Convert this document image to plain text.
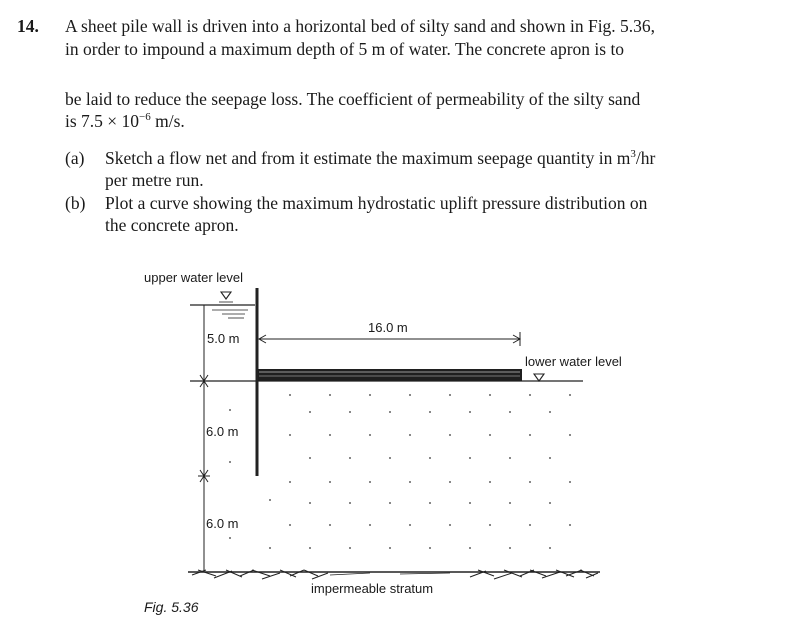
14. A sheet pile wall is driven into a horizontal bed of silty sand and shown in Fig. 5.36,
in order to impound a maximum depth of 5 m of water. The concrete apron is to
be laid to reduce the seepage loss. The coefficient of permeability of the silty sand
is $7.5 \times 10^{-6}$ m/s.
(a) Sketch a flow net and from it estimate the maximum seepage quantity in $m^3/hr$
per metre run.
(b) Plot a curve showing the maximum hydrostatic uplift pressure distribution on
the concrete apron.
upper water level
5.0 m
16.0 m
lower water level
6.0 m
6.0 m
impermeable stratum
Fig. 5.36
